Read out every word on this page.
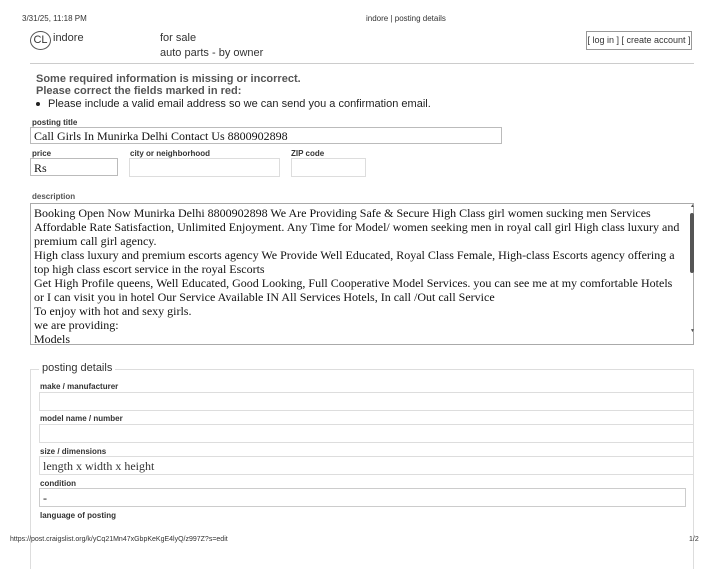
3/31/25, 11:18 PM	indore | posting details
CL indore	for sale
auto parts - by owner
[ log in ] [ create account ]
Some required information is missing or incorrect.
Please correct the fields marked in red:
Please include a valid email address so we can send you a confirmation email.
posting title
Call Girls In Munirka Delhi Contact Us 8800902898
price	city or neighborhood	ZIP code
Rs
description

Booking Open Now Munirka Delhi 8800902898 We Are Providing Safe & Secure High Class girl women sucking men Services Affordable Rate Satisfaction, Unlimited Enjoyment. Any Time for Model/ women seeking men in royal call girl High class luxury and premium call girl agency.

High class luxury and premium escorts agency We Provide Well Educated, Royal Class Female, High-class Escorts agency offering a top high class escort service in the royal Escorts

Get High Profile queens, Well Educated, Good Looking, Full Cooperative Model Services. you can see me at my comfortable Hotels or I can visit you in hotel Our Service Available IN All Services Hotels, In call /Out call Service

To enjoy with hot and sexy girls.

we are providing:

Models

▲
▼
posting details
make / manufacturer
model name / number
size / dimensions
length x width x height
condition
-
language of posting
https://post.craigslist.org/k/yCq21Mn47xGbpKeKgE4lyQ/z997Z?s=edit	1/2
